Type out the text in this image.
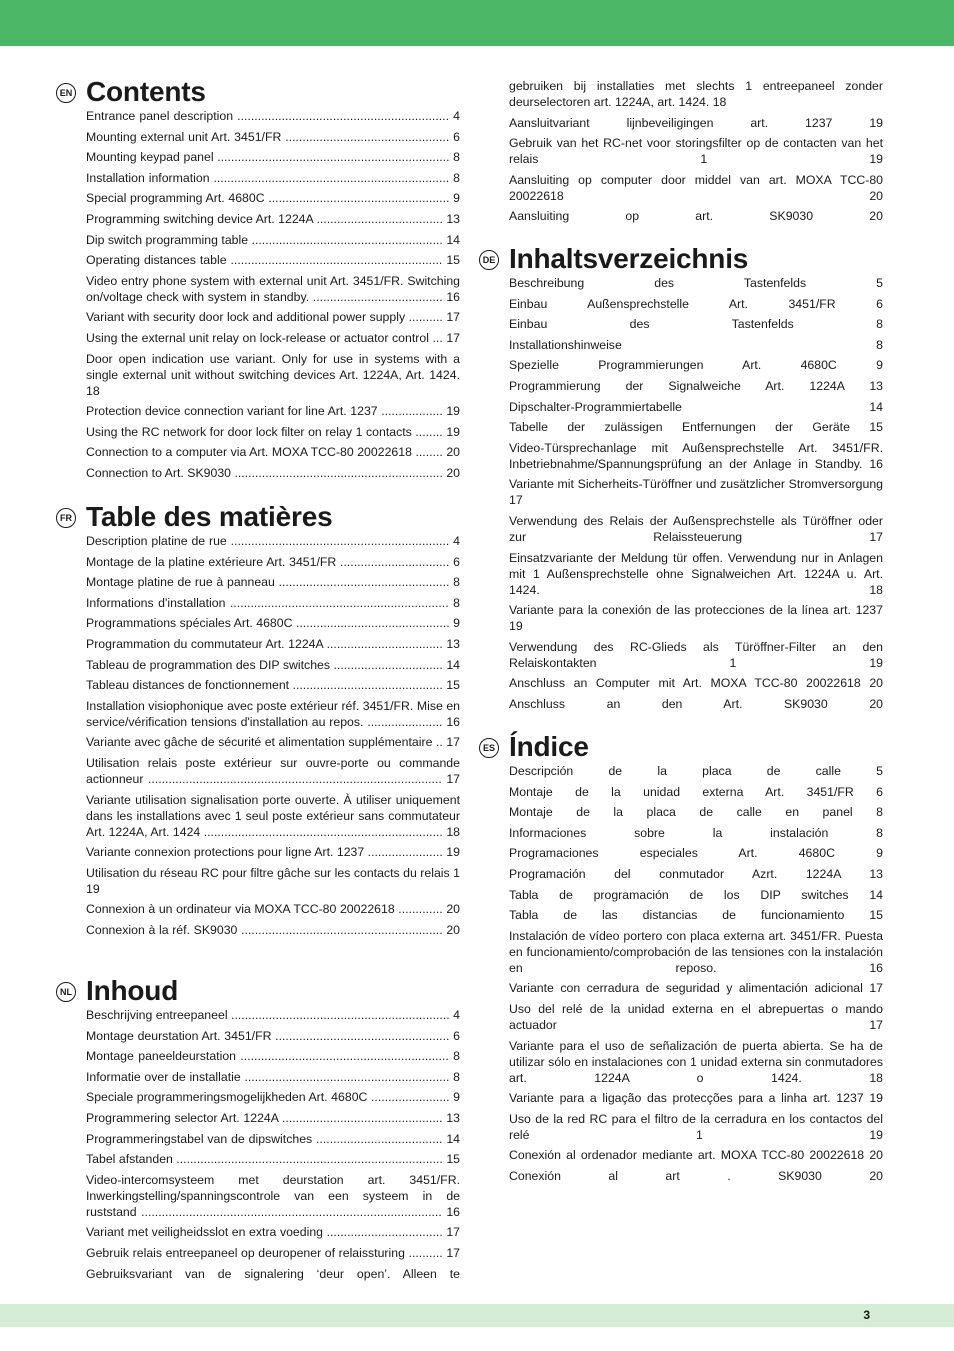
EN Contents
Entrance panel description .............................................................. 4
Mounting external unit Art. 3451/FR ................................................ 6
Mounting keypad panel .................................................................... 8
Installation information ..................................................................... 8
Special programming Art. 4680C ..................................................... 9
Programming switching device Art. 1224A ..................................... 13
Dip switch programming table ........................................................ 14
Operating distances table .............................................................. 15
Video entry phone system with external unit Art. 3451/FR. Switching on/voltage check with system in standby. ...................................... 16
Variant with security door lock and additional power supply .......... 17
Using the external unit relay on lock-release or actuator control ... 17
Door open indication use variant. Only for use in systems with a single external unit without switching devices Art. 1224A, Art. 1424. 18
Protection device connection variant for line Art. 1237 .................. 19
Using the RC network for door lock filter on relay 1 contacts ........ 19
Connection to a computer via Art. MOXA TCC-80 20022618 ........ 20
Connection to Art. SK9030 ............................................................. 20
FR Table des matières
Description platine de rue ................................................................ 4
Montage de la platine extérieure Art. 3451/FR ................................ 6
Montage platine de rue à panneau .................................................. 8
Informations d'installation ................................................................ 8
Programmations spéciales Art. 4680C ............................................. 9
Programmation du commutateur Art. 1224A .................................. 13
Tableau de programmation des DIP switches ................................ 14
Tableau distances de fonctionnement ............................................ 15
Installation visiophonique avec poste extérieur réf. 3451/FR. Mise en service/vérification tensions d'installation au repos. ...................... 16
Variante avec gâche de sécurité et alimentation supplémentaire .. 17
Utilisation relais poste extérieur sur ouvre-porte ou commande actionneur ...................................................................................... 17
Variante utilisation signalisation porte ouverte. À utiliser uniquement dans les installations avec 1 seul poste extérieur sans commutateur Art. 1224A, Art. 1424 ...................................................................... 18
Variante connexion protections pour ligne Art. 1237 ...................... 19
Utilisation du réseau RC pour filtre gâche sur les contacts du relais 1 19
Connexion à un ordinateur via MOXA TCC-80 20022618 ............. 20
Connexion à la réf. SK9030 ........................................................... 20
NL Inhoud
Beschrijving entreepaneel ................................................................ 4
Montage deurstation Art. 3451/FR ................................................... 6
Montage paneeldeurstation ............................................................. 8
Informatie over de installatie ............................................................ 8
Speciale programmeringsmogelijkheden Art. 4680C ....................... 9
Programmering selector Art. 1224A ............................................... 13
Programmeringstabel van de dipswitches ..................................... 14
Tabel afstanden .............................................................................. 15
Video-intercomsysteem met deurstation art. 3451/FR. Inwerkingstelling/spanningscontrole van een systeem in de ruststand ........................................................................................ 16
Variant met veiligheidsslot en extra voeding .................................. 17
Gebruik relais entreepaneel op deuropener of relaissturing .......... 17
Gebruiksvariant van de signalering ‘deur open’. Alleen te
gebruiken bij installaties met slechts 1 entreepaneel zonder deurselectoren art. 1224A, art. 1424. 18
Aansluitvariant lijnbeveiligingen art. 1237	19
Gebruik van het RC-net voor storingsfilter op de contacten van het relais 1	19
Aansluiting op computer door middel van art. MOXA TCC-80 20022618	20
Aansluiting op art. SK9030	20
DE Inhaltsverzeichnis
Beschreibung des Tastenfelds	5
Einbau Außensprechstelle Art. 3451/FR	6
Einbau des Tastenfelds	8
Installationshinweise	8
Spezielle Programmierungen Art. 4680C	9
Programmierung der Signalweiche Art. 1224A 13
Dipschalter-Programmiertabelle	14
Tabelle der zulässigen Entfernungen der Geräte 15
Video-Türsprechanlage mit Außensprechstelle Art. 3451/FR. Inbetriebnahme/Spannungsprüfung an der Anlage in Standby. 16
Variante mit Sicherheits-Türöffner und zusätzlicher Stromversorgung 17
Verwendung des Relais der Außensprechstelle als Türöffner oder zur Relaissteuerung	17
Einsatzvariante der Meldung tür offen. Verwendung nur in Anlagen mit 1 Außensprechstelle ohne Signalweichen Art. 1224A u. Art. 1424.	18
Variante para la conexión de las protecciones de la línea art. 1237 19
Verwendung des RC-Glieds als Türöffner-Filter an den Relaiskontakten 1	19
Anschluss an Computer mit Art. MOXA TCC-80 20022618 20
Anschluss an den Art. SK9030	20
ES Índice
Descripción de la placa de calle	5
Montaje de la unidad externa Art. 3451/FR 6
Montaje de la placa de calle en panel 8
Informaciones sobre la instalación	8
Programaciones especiales Art. 4680C	9
Programación del conmutador Azrt. 1224A 13
Tabla de programación de los DIP switches 14
Tabla de las distancias de funcionamiento 15
Instalación de vídeo portero con placa externa art. 3451/FR. Puesta en funcionamiento/comprobación de las tensiones con la instalación en reposo.	16
Variante con cerradura de seguridad y alimentación adicional 17
Uso del relé de la unidad externa en el abrepuertas o mando actuador	17
Variante para el uso de señalización de puerta abierta. Se ha de utilizar sólo en instalaciones con 1 unidad externa sin conmutadores art. 1224A o 1424.	18
Variante para a ligação das protecções para a linha art. 1237 19
Uso de la red RC para el filtro de la cerradura en los contactos del relé 1	19
Conexión al ordenador mediante art. MOXA TCC-80 20022618 20
Conexión al art . SK9030	20
3
